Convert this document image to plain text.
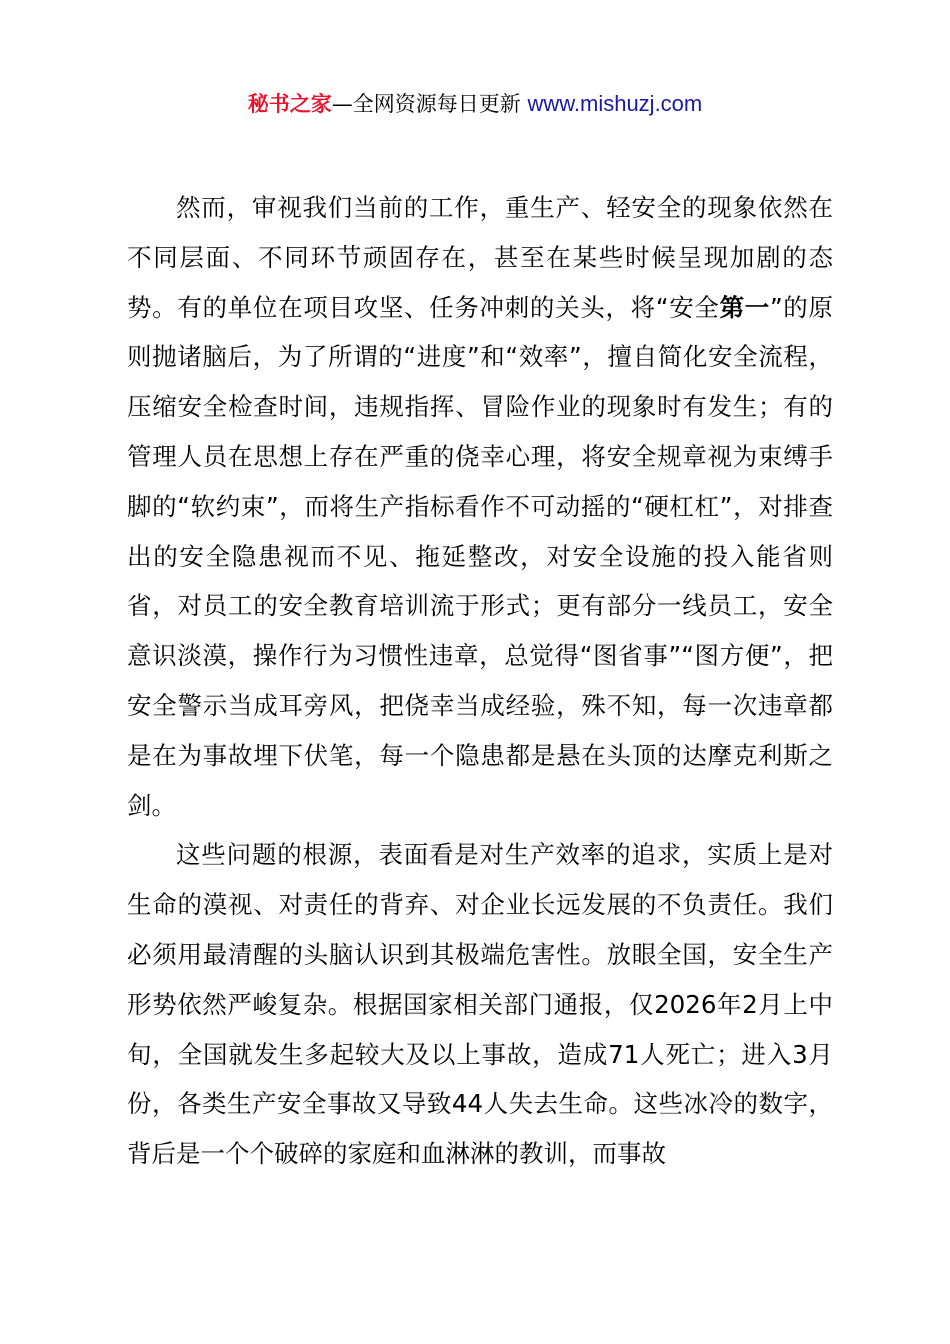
秘书之家—全网资源每日更新 www.mishuzj.com

然而，审视我们当前的工作，重生产、轻安全的现象依然在不同层面、不同环节顽固存在，甚至在某些时候呈现加剧的态势。有的单位在项目攻坚、任务冲刺的关头，将“安全第一”的原则抛诸脑后，为了所谓的“进度”和“效率”，擅自简化安全流程，压缩安全检查时间，违规指挥、冒险作业的现象时有发生；有的管理人员在思想上存在严重的侥幸心理，将安全规章视为束缚手脚的“软约束”，而将生产指标看作不可动摇的“硬杠杠”，对排查出的安全隐患视而不见、拖延整改，对安全设施的投入能省则省，对员工的安全教育培训流于形式；更有部分一线员工，安全意识淡漠，操作行为习惯性违章，总觉得“图省事”“图方便”，把安全警示当成耳旁风，把侥幸当成经验，殊不知，每一次违章都是在为事故埋下伏笔，每一个隐患都是悬在头顶的达摩克利斯之剑。

这些问题的根源，表面看是对生产效率的追求，实质上是对生命的漠视、对责任的背弃、对企业长远发展的不负责任。我们必须用最清醒的头脑认识到其极端危害性。放眼全国，安全生产形势依然严峻复杂。根据国家相关部门通报，仅2026年2月上中旬，全国就发生多起较大及以上事故，造成71人死亡；进入3月份，各类生产安全事故又导致44人失去生命。这些冰冷的数字，背后是一个个破碎的家庭和血淋淋的教训，而事故
